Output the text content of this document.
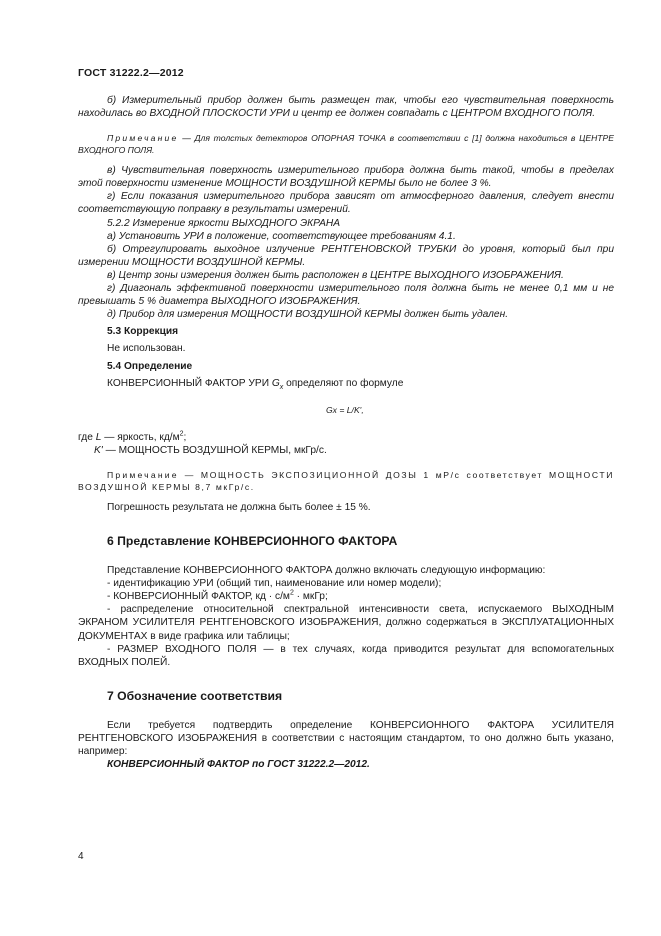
ГОСТ 31222.2—2012

б) Измерительный прибор должен быть размещен так, чтобы его чувствительная поверхность находилась во ВХОДНОЙ ПЛОСКОСТИ УРИ и центр ее должен совпадать с ЦЕНТРОМ ВХОДНОГО ПОЛЯ.

Примечание — Для толстых детекторов ОПОРНАЯ ТОЧКА в соответствии с [1] должна находиться в ЦЕНТРЕ ВХОДНОГО ПОЛЯ.

в) Чувствительная поверхность измерительного прибора должна быть такой, чтобы в пределах этой поверхности изменение МОЩНОСТИ ВОЗДУШНОЙ КЕРМЫ было не более 3 %.

г) Если показания измерительного прибора зависят от атмосферного давления, следует внести соответствующую поправку в результаты измерений.

5.2.2 Измерение яркости ВЫХОДНОГО ЭКРАНА

а) Установить УРИ в положение, соответствующее требованиям 4.1.

б) Отрегулировать выходное излучение РЕНТГЕНОВСКОЙ ТРУБКИ до уровня, который был при измерении МОЩНОСТИ ВОЗДУШНОЙ КЕРМЫ.

в) Центр зоны измерения должен быть расположен в ЦЕНТРЕ ВЫХОДНОГО ИЗОБРАЖЕНИЯ.

г) Диагональ эффективной поверхности измерительного поля должна быть не менее 0,1 мм и не превышать 5 % диаметра ВЫХОДНОГО ИЗОБРАЖЕНИЯ.

д) Прибор для измерения МОЩНОСТИ ВОЗДУШНОЙ КЕРМЫ должен быть удален.

5.3 Коррекция

Не использован.

5.4 Определение

КОНВЕРСИОННЫЙ ФАКТОР УРИ $G_x$ определяют по формуле

Gx = L/K',

где L — яркость, $кд/м^2$;

K' — МОЩНОСТЬ ВОЗДУШНОЙ КЕРМЫ, мкГр/с.

Примечание — МОЩНОСТЬ ЭКСПОЗИЦИОННОЙ ДОЗЫ 1 мР/с соответствует МОЩНОСТИ ВОЗДУШНОЙ КЕРМЫ 8,7 мкГр/с.

Погрешность результата не должна быть более ± 15 %.

6 Представление КОНВЕРСИОННОГО ФАКТОРА

Представление КОНВЕРСИОННОГО ФАКТОРА должно включать следующую информацию:

- идентификацию УРИ (общий тип, наименование или номер модели);

- КОНВЕРСИОННЫЙ ФАКТОР, кд · $с/м^2$ · мкГр;

- распределение относительной спектральной интенсивности света, испускаемого ВЫХОДНЫМ ЭКРАНОМ УСИЛИТЕЛЯ РЕНТГЕНОВСКОГО ИЗОБРАЖЕНИЯ, должно содержаться в ЭКСПЛУАТАЦИОННЫХ ДОКУМЕНТАХ в виде графика или таблицы;

- РАЗМЕР ВХОДНОГО ПОЛЯ — в тех случаях, когда приводится результат для вспомогательных ВХОДНЫХ ПОЛЕЙ.

7 Обозначение соответствия

Если требуется подтвердить определение КОНВЕРСИОННОГО ФАКТОРА УСИЛИТЕЛЯ РЕНТГЕНОВСКОГО ИЗОБРАЖЕНИЯ в соответствии с настоящим стандартом, то оно должно быть указано, например:

КОНВЕРСИОННЫЙ ФАКТОР по ГОСТ 31222.2—2012.

4
